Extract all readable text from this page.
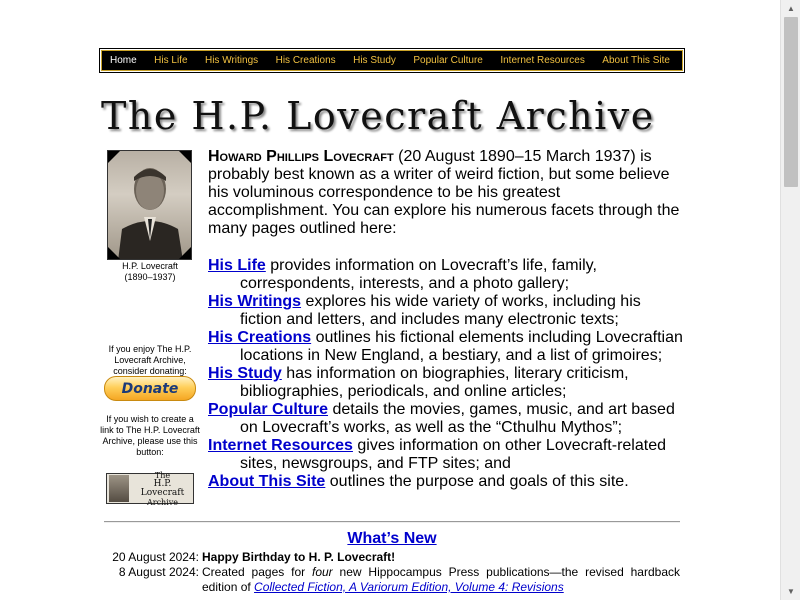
Home His Life His Writings His Creations His Study Popular Culture Internet Resources About This Site
The H.P. Lovecraft Archive
H.P. Lovecraft
(1890–1937)
If you enjoy The H.P. Lovecraft Archive, consider donating:
Donate
If you wish to create a link to The H.P. Lovecraft Archive, please use this button:
The
H.P. Lovecraft
Archive
Howard Phillips Lovecraft (20 August 1890–15 March 1937) is probably best known as a writer of weird fiction, but some believe his voluminous correspondence to be his greatest accomplishment. You can explore his numerous facets through the many pages outlined here:
His Life provides information on Lovecraft’s life, family, correspondents, interests, and a photo gallery;
His Writings explores his wide variety of works, including his fiction and letters, and includes many electronic texts;
His Creations outlines his fictional elements including Lovecraftian locations in New England, a bestiary, and a list of grimoires;
His Study has information on biographies, literary criticism, bibliographies, periodicals, and online articles;
Popular Culture details the movies, games, music, and art based on Lovecraft’s works, as well as the “Cthulhu Mythos”;
Internet Resources gives information on other Lovecraft-related sites, newsgroups, and FTP sites; and
About This Site outlines the purpose and goals of this site.
What’s New
20 August 2024: Happy Birthday to H. P. Lovecraft!
8 August 2024: Created pages for four new Hippocampus Press publications—the revised hardback edition of Collected Fiction, A Variorum Edition, Volume 4: Revisions
▲
▼
